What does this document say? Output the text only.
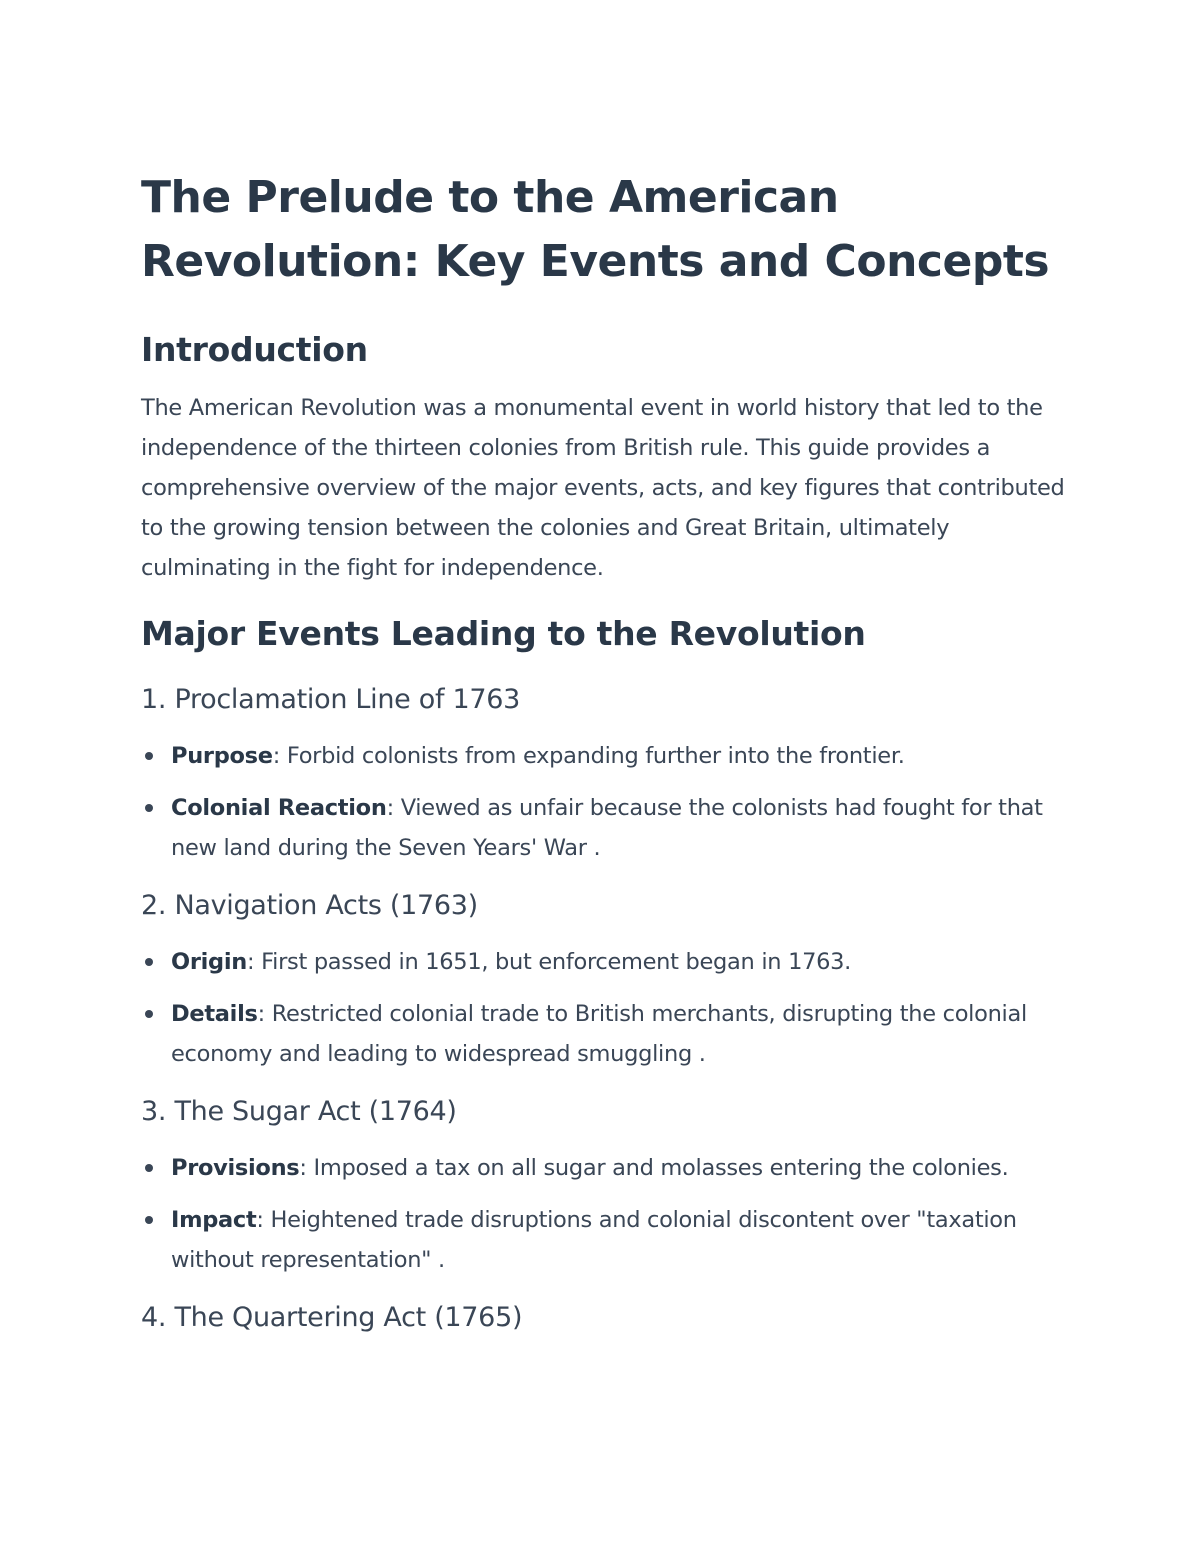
The Prelude to the American Revolution: Key Events and Concepts
Introduction

The American Revolution was a monumental event in world history that led to the independence of the thirteen colonies from British rule. This guide provides a comprehensive overview of the major events, acts, and key figures that contributed to the growing tension between the colonies and Great Britain, ultimately culminating in the fight for independence.

Major Events Leading to the Revolution
1. Proclamation Line of 1763
Purpose: Forbid colonists from expanding further into the frontier.
Colonial Reaction: Viewed as unfair because the colonists had fought for that new land during the Seven Years' War .
2. Navigation Acts (1763)
Origin: First passed in 1651, but enforcement began in 1763.
Details: Restricted colonial trade to British merchants, disrupting the colonial economy and leading to widespread smuggling .
3. The Sugar Act (1764)
Provisions: Imposed a tax on all sugar and molasses entering the colonies.
Impact: Heightened trade disruptions and colonial discontent over "taxation without representation" .
4. The Quartering Act (1765)
